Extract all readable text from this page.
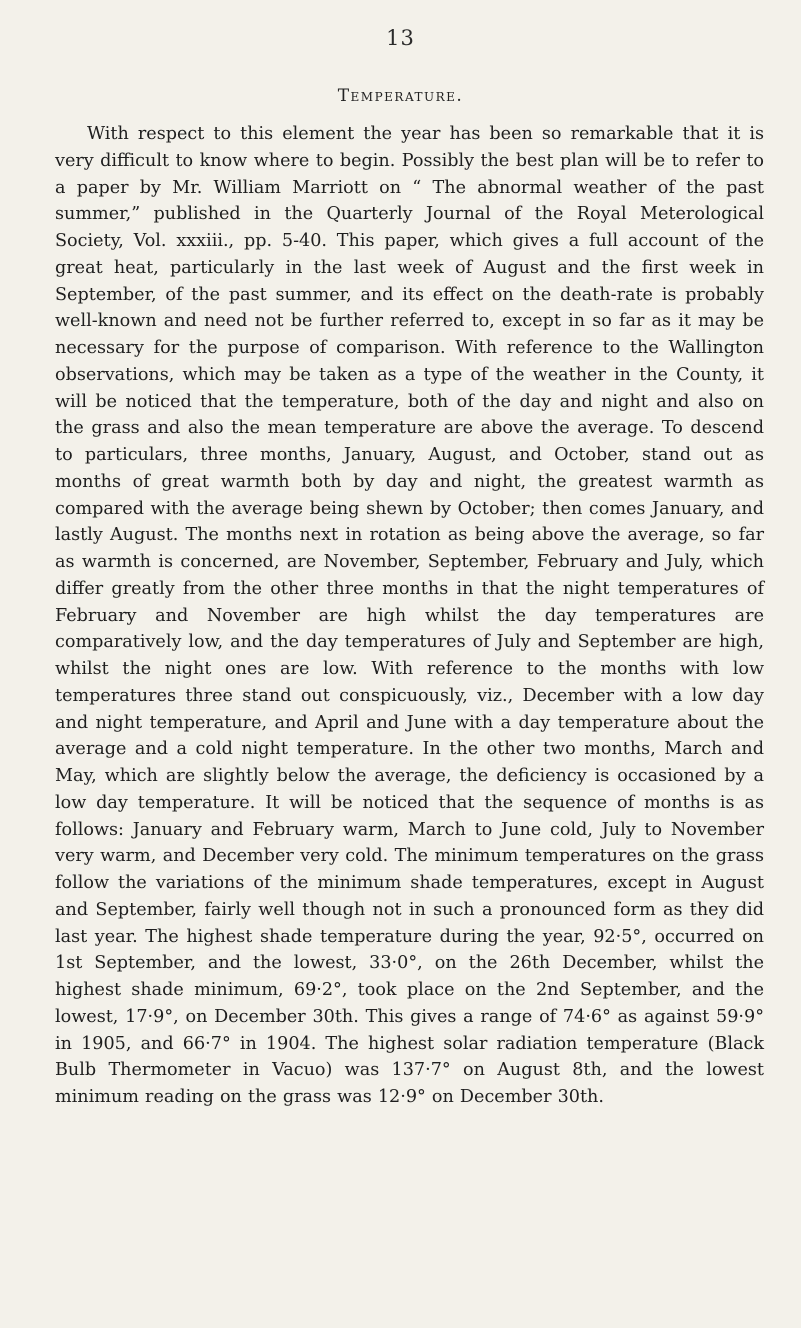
13
Temperature.

With respect to this element the year has been so remarkable that it is very difficult to know where to begin. Possibly the best plan will be to refer to a paper by Mr. William Marriott on “ The abnormal weather of the past summer,” published in the Quarterly Journal of the Royal Meterological Society, Vol. xxxiii., pp. 5-40. This paper, which gives a full account of the great heat, particularly in the last week of August and the first week in September, of the past summer, and its effect on the death-rate is probably well-known and need not be further referred to, except in so far as it may be necessary for the purpose of comparison. With reference to the Wallington observations, which may be taken as a type of the weather in the County, it will be noticed that the temperature, both of the day and night and also on the grass and also the mean temperature are above the average. To descend to particulars, three months, January, August, and October, stand out as months of great warmth both by day and night, the greatest warmth as compared with the average being shewn by October; then comes January, and lastly August. The months next in rotation as being above the average, so far as warmth is concerned, are November, September, February and July, which differ greatly from the other three months in that the night temperatures of February and November are high whilst the day temperatures are comparatively low, and the day temperatures of July and September are high, whilst the night ones are low. With reference to the months with low temperatures three stand out conspicuously, viz., December with a low day and night temperature, and April and June with a day temperature about the average and a cold night temperature. In the other two months, March and May, which are slightly below the average, the deficiency is occasioned by a low day temperature. It will be noticed that the sequence of months is as follows: January and February warm, March to June cold, July to November very warm, and December very cold. The minimum temperatures on the grass follow the variations of the minimum shade temperatures, except in August and September, fairly well though not in such a pronounced form as they did last year. The highest shade temperature during the year, 92·5°, occurred on 1st September, and the lowest, 33·0°, on the 26th December, whilst the highest shade minimum, 69·2°, took place on the 2nd September, and the lowest, 17·9°, on December 30th. This gives a range of 74·6° as against 59·9° in 1905, and 66·7° in 1904. The highest solar radiation temperature (Black Bulb Thermometer in Vacuo) was 137·7° on August 8th, and the lowest minimum reading on the grass was 12·9° on December 30th.
